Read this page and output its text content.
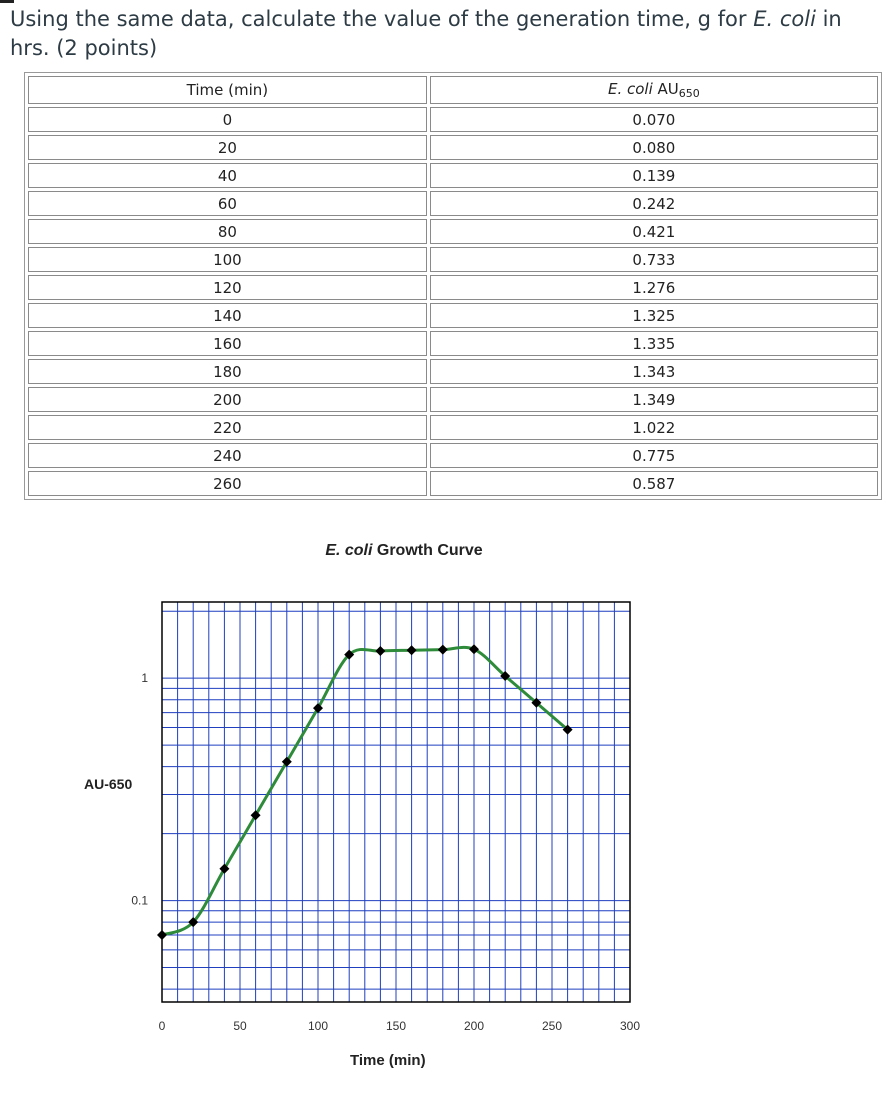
Using the same data, calculate the value of the generation time, g for E. coli in hrs. (2 points)
Time (min)	E. coli $AU_{650}$
0	0.070
20	0.080
40	0.139
60	0.242
80	0.421
100	0.733
120	1.276
140	1.325
160	1.335
180	1.343
200	1.349
220	1.022
240	0.775
260	0.587
E. coli Growth Curve
0	50	100	150	200	250	300
1
0.1
AU-650
Time (min)
